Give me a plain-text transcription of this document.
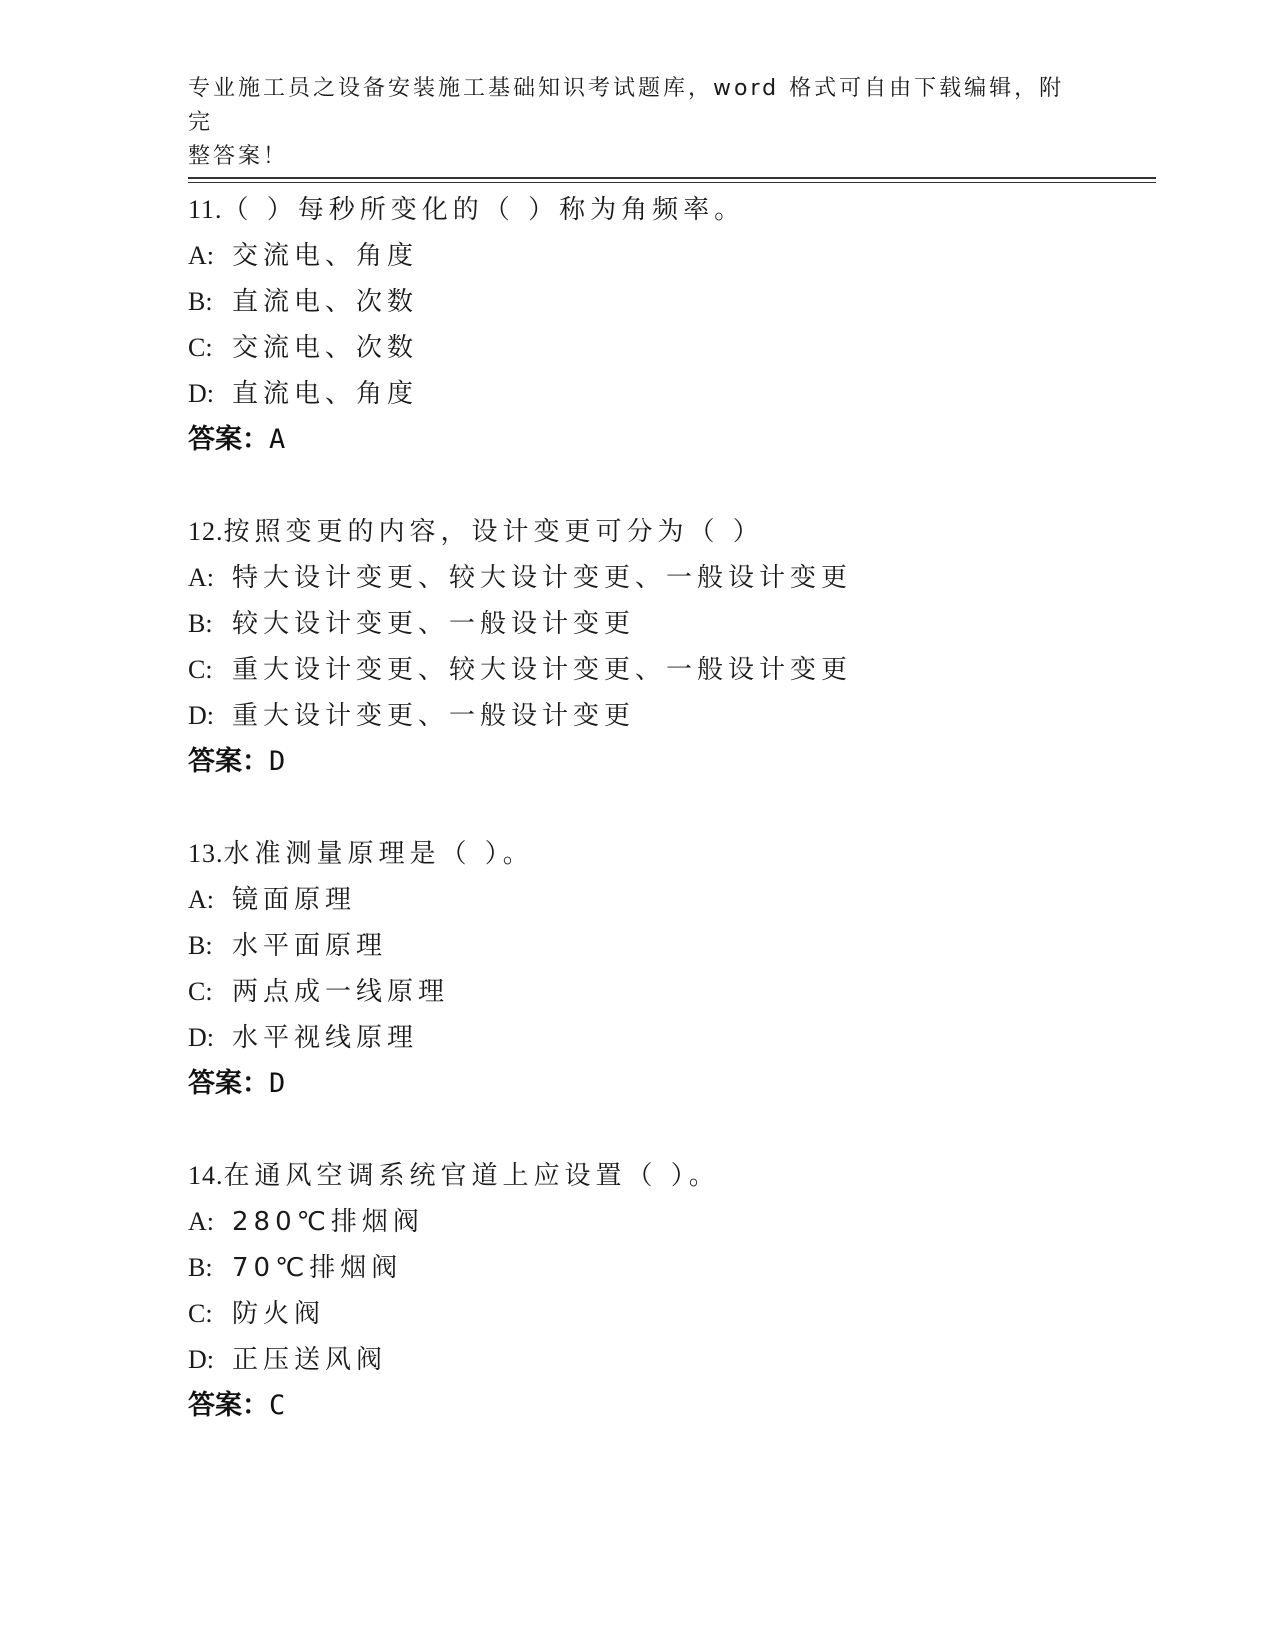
专业施工员之设备安装施工基础知识考试题库，word 格式可自由下载编辑，附完
整答案！
11.（ ）每秒所变化的（ ）称为角频率。
A: 交流电、角度
B: 直流电、次数
C: 交流电、次数
D: 直流电、角度
答案：A
12.按照变更的内容，设计变更可分为（ ）
A: 特大设计变更、较大设计变更、一般设计变更
B: 较大设计变更、一般设计变更
C: 重大设计变更、较大设计变更、一般设计变更
D: 重大设计变更、一般设计变更
答案：D
13.水准测量原理是（ ）。
A: 镜面原理
B: 水平面原理
C: 两点成一线原理
D: 水平视线原理
答案：D
14.在通风空调系统官道上应设置（ ）。
A: 280℃排烟阀
B: 70℃排烟阀
C: 防火阀
D: 正压送风阀
答案：C
